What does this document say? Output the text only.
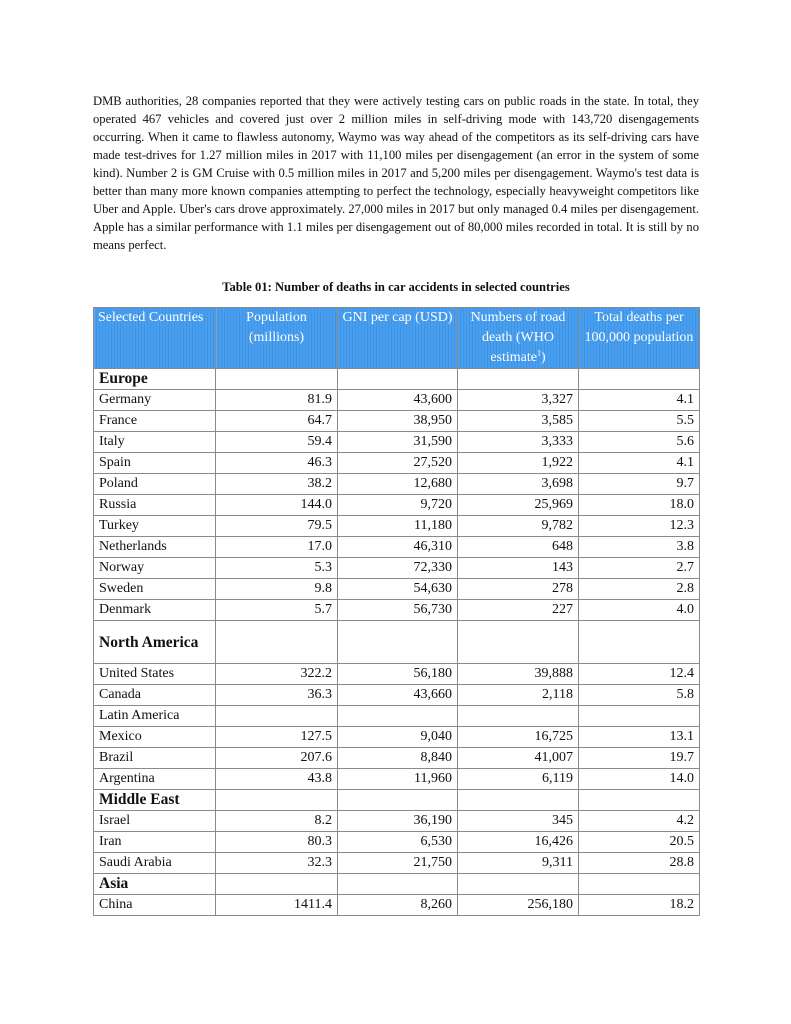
DMB authorities, 28 companies reported that they were actively testing cars on public roads in the state. In total, they operated 467 vehicles and covered just over 2 million miles in self-driving mode with 143,720 disengagements occurring. When it came to flawless autonomy, Waymo was way ahead of the competitors as its self-driving cars have made test-drives for 1.27 million miles in 2017 with 11,100 miles per disengagement (an error in the system of some kind). Number 2 is GM Cruise with 0.5 million miles in 2017 and 5,200 miles per disengagement. Waymo's test data is better than many more known companies attempting to perfect the technology, especially heavyweight competitors like Uber and Apple. Uber's cars drove approximately. 27,000 miles in 2017 but only managed 0.4 miles per disengagement. Apple has a similar performance with 1.1 miles per disengagement out of 80,000 miles recorded in total. It is still by no means perfect.

Table 01: Number of deaths in car accidents in selected countries

Selected Countries	Population (millions)	GNI per cap (USD)	Numbers of road death (WHO estimate$^1$)	Total deaths per 100,000 population
Europe				
Germany	81.9	43,600	3,327	4.1
France	64.7	38,950	3,585	5.5
Italy	59.4	31,590	3,333	5.6
Spain	46.3	27,520	1,922	4.1
Poland	38.2	12,680	3,698	9.7
Russia	144.0	9,720	25,969	18.0
Turkey	79.5	11,180	9,782	12.3
Netherlands	17.0	46,310	648	3.8
Norway	5.3	72,330	143	2.7
Sweden	9.8	54,630	278	2.8
Denmark	5.7	56,730	227	4.0
North America				
United States	322.2	56,180	39,888	12.4
Canada	36.3	43,660	2,118	5.8
Latin America				
Mexico	127.5	9,040	16,725	13.1
Brazil	207.6	8,840	41,007	19.7
Argentina	43.8	11,960	6,119	14.0
Middle East				
Israel	8.2	36,190	345	4.2
Iran	80.3	6,530	16,426	20.5
Saudi Arabia	32.3	21,750	9,311	28.8
Asia				
China	1411.4	8,260	256,180	18.2
